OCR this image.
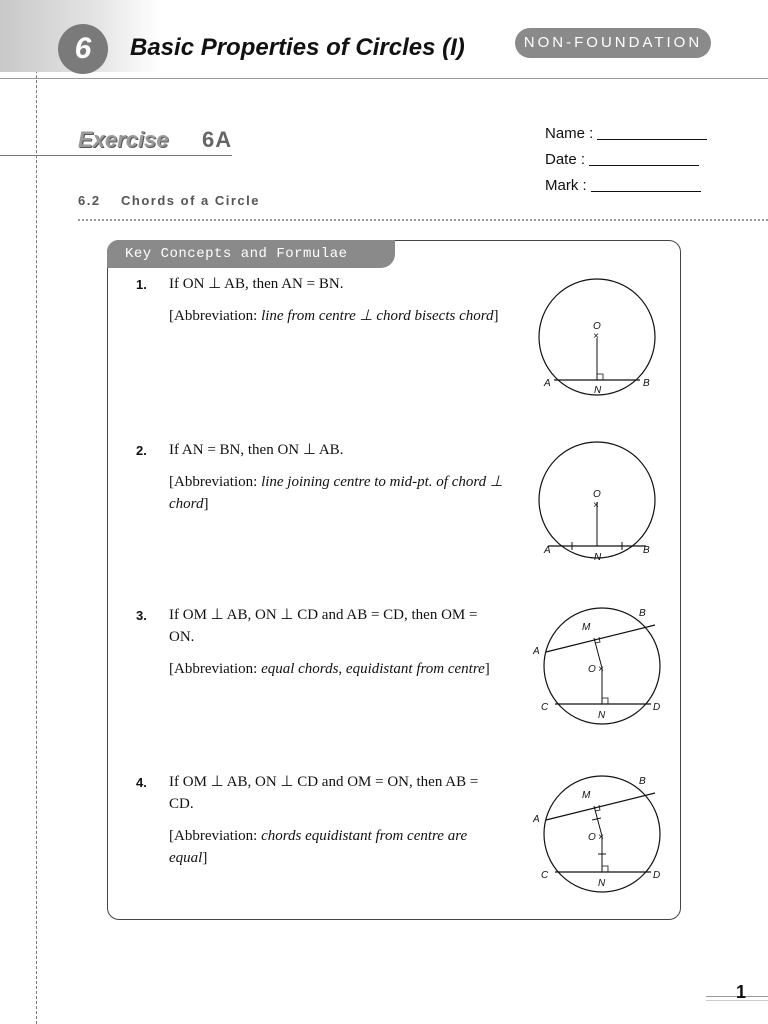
6	Basic Properties of Circles (I)	NON-FOUNDATION
Exercise 6A	Name :
Date :
Mark :
6.2    Chords of a Circle
Key Concepts and Formulae
1. If ON ⊥ AB, then AN = BN.
[Abbreviation: line from centre ⊥ chord bisects chord]
×
O
A	B
N
2. If AN = BN, then ON ⊥ AB.
[Abbreviation: line joining centre to mid-pt. of chord ⊥ chord]	×
O
A	B
N
3. If OM ⊥ AB, ON ⊥ CD and AB = CD, then OM = ON.
[Abbreviation: equal chords, equidistant from centre]	×
O
M
A
B
C	D
N
4. If OM ⊥ AB, ON ⊥ CD and OM = ON, then AB = CD.
[Abbreviation: chords equidistant from centre are equal]
×
O
M
A
B
C	D
N
1
